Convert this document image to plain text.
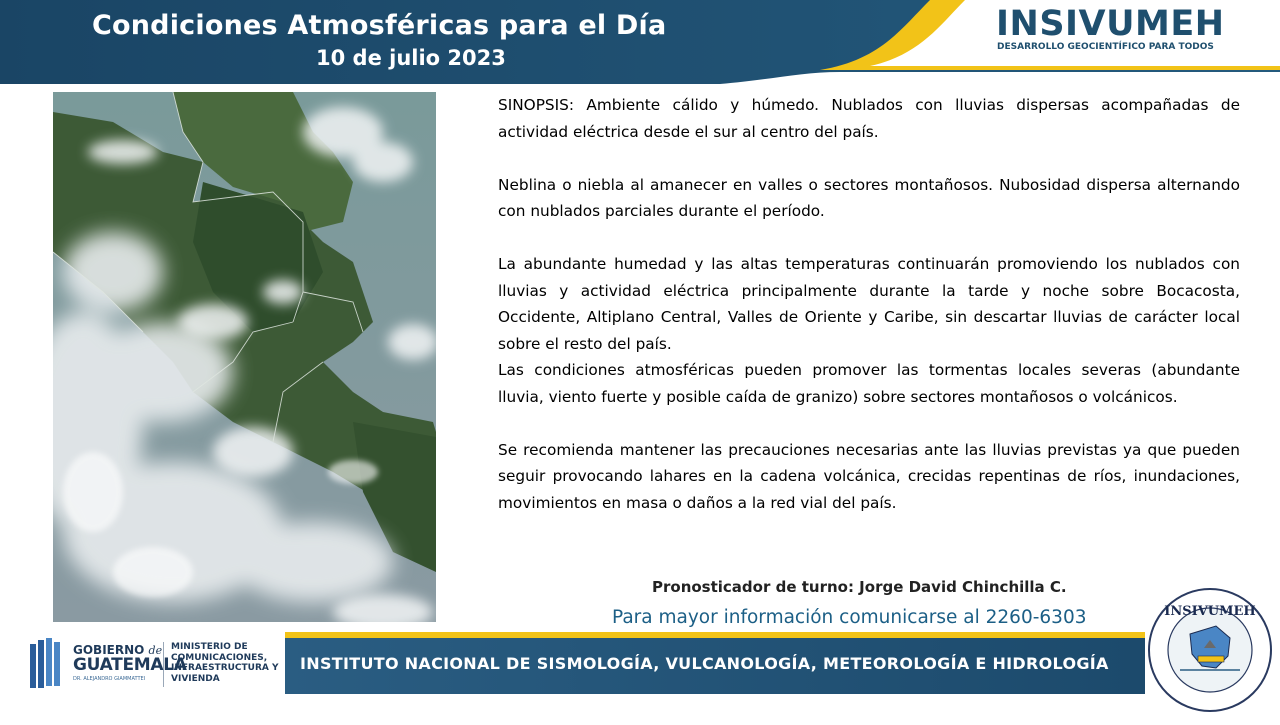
Condiciones Atmosféricas para el Día
10 de julio 2023
INSIVUMEH
DESARROLLO GEOCIENTÍFICO PARA TODOS

SINOPSIS: Ambiente cálido y húmedo. Nublados con lluvias dispersas acompañadas de actividad eléctrica desde el sur al centro del país.

Neblina o niebla al amanecer en valles o sectores montañosos. Nubosidad dispersa alternando con nublados parciales durante el período.

La abundante humedad y las altas temperaturas continuarán promoviendo los nublados con lluvias y actividad eléctrica principalmente durante la tarde y noche sobre Bocacosta, Occidente, Altiplano Central, Valles de Oriente y Caribe, sin descartar lluvias de carácter local sobre el resto del país.

Las condiciones atmosféricas pueden promover las tormentas locales severas (abundante lluvia, viento fuerte y posible caída de granizo) sobre sectores montañosos o volcánicos.

Se recomienda mantener las precauciones necesarias ante las lluvias previstas ya que pueden seguir provocando lahares en la cadena volcánica, crecidas repentinas de ríos, inundaciones, movimientos en masa o daños a la red vial del país.

Pronosticador de turno: Jorge David Chinchilla C.
Para mayor información comunicarse al 2260-6303
GOBIERNO de
GUATEMALA
DR. ALEJANDRO GIAMMATTEI
MINISTERIO DE COMUNICACIONES, INFRAESTRUCTURA Y VIVIENDA
INSTITUTO NACIONAL DE SISMOLOGÍA, VULCANOLOGÍA, METEOROLOGÍA E HIDROLOGÍA
INSIVUMEH
